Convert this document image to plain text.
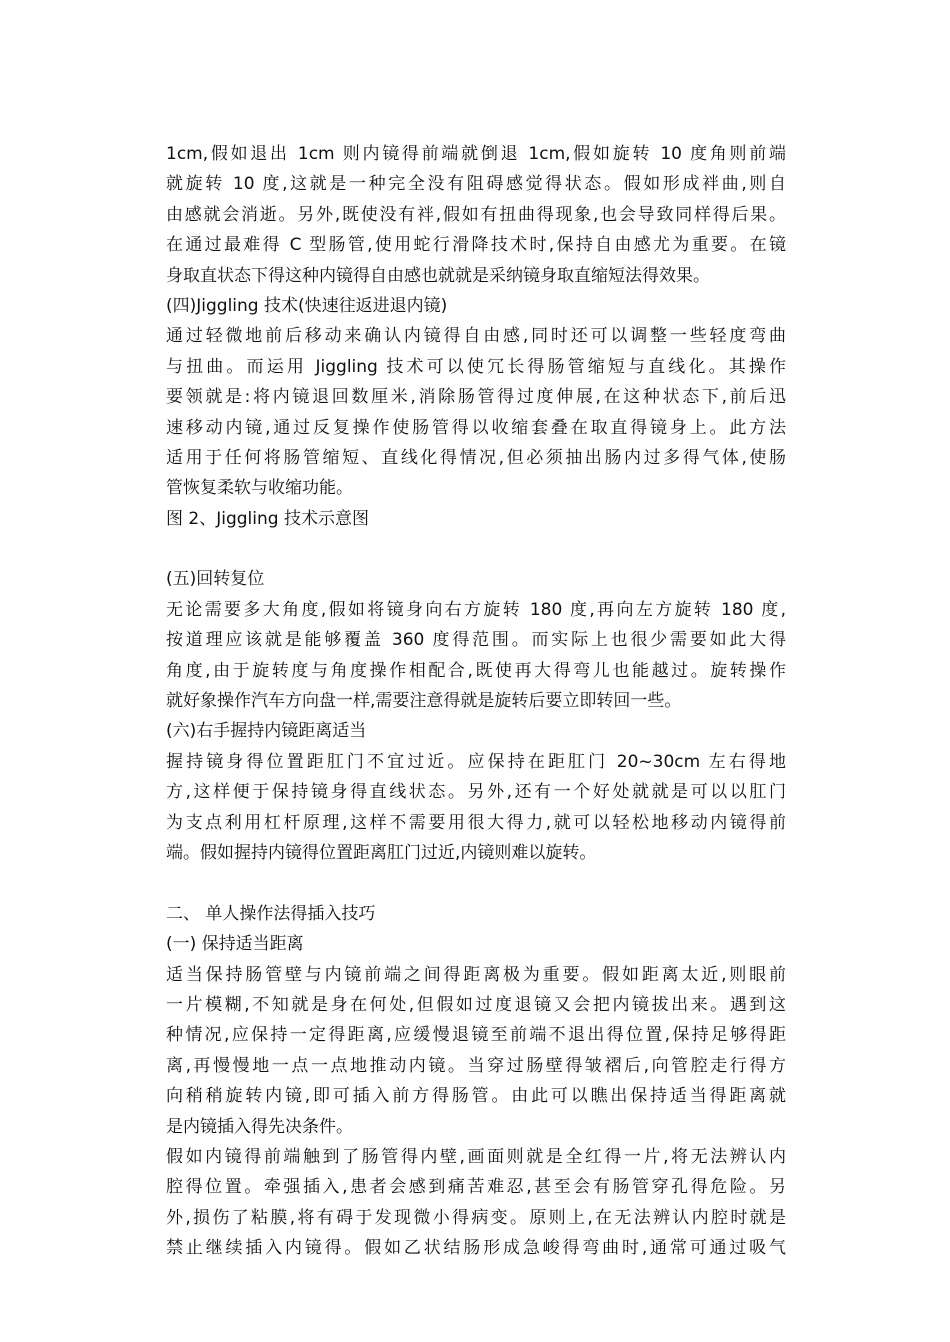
1cm,假如退出 1cm 则内镜得前端就倒退 1cm,假如旋转 10 度角则前端
就旋转 10 度,这就是一种完全没有阻碍感觉得状态。假如形成袢曲,则自
由感就会消逝。另外,既使没有袢,假如有扭曲得现象,也会导致同样得后果。
在通过最难得 C 型肠管,使用蛇行滑降技术时,保持自由感尤为重要。在镜
身取直状态下得这种内镜得自由感也就就是采纳镜身取直缩短法得效果。
(四)Jiggling 技术(快速往返进退内镜)
通过轻微地前后移动来确认内镜得自由感,同时还可以调整一些轻度弯曲
与扭曲。而运用 Jiggling 技术可以使冗长得肠管缩短与直线化。其操作
要领就是:将内镜退回数厘米,消除肠管得过度伸展,在这种状态下,前后迅
速移动内镜,通过反复操作使肠管得以收缩套叠在取直得镜身上。此方法
适用于任何将肠管缩短、直线化得情况,但必须抽出肠内过多得气体,使肠
管恢复柔软与收缩功能。
图 2、Jiggling 技术示意图
(五)回转复位
无论需要多大角度,假如将镜身向右方旋转 180 度,再向左方旋转 180 度,
按道理应该就是能够覆盖 360 度得范围。而实际上也很少需要如此大得
角度,由于旋转度与角度操作相配合,既使再大得弯儿也能越过。旋转操作
就好象操作汽车方向盘一样,需要注意得就是旋转后要立即转回一些。
(六)右手握持内镜距离适当
握持镜身得位置距肛门不宜过近。应保持在距肛门 20~30cm 左右得地
方,这样便于保持镜身得直线状态。另外,还有一个好处就就是可以以肛门
为支点利用杠杆原理,这样不需要用很大得力,就可以轻松地移动内镜得前
端。假如握持内镜得位置距离肛门过近,内镜则难以旋转。
二、 单人操作法得插入技巧
(一) 保持适当距离
适当保持肠管壁与内镜前端之间得距离极为重要。假如距离太近,则眼前
一片模糊,不知就是身在何处,但假如过度退镜又会把内镜拔出来。遇到这
种情况,应保持一定得距离,应缓慢退镜至前端不退出得位置,保持足够得距
离,再慢慢地一点一点地推动内镜。当穿过肠壁得皱褶后,向管腔走行得方
向稍稍旋转内镜,即可插入前方得肠管。由此可以瞧出保持适当得距离就
是内镜插入得先决条件。
假如内镜得前端触到了肠管得内壁,画面则就是全红得一片,将无法辨认内
腔得位置。牵强插入,患者会感到痛苦难忍,甚至会有肠管穿孔得危险。另
外,损伤了粘膜,将有碍于发现微小得病变。原则上,在无法辨认内腔时就是
禁止继续插入内镜得。假如乙状结肠形成急峻得弯曲时,通常可通过吸气
